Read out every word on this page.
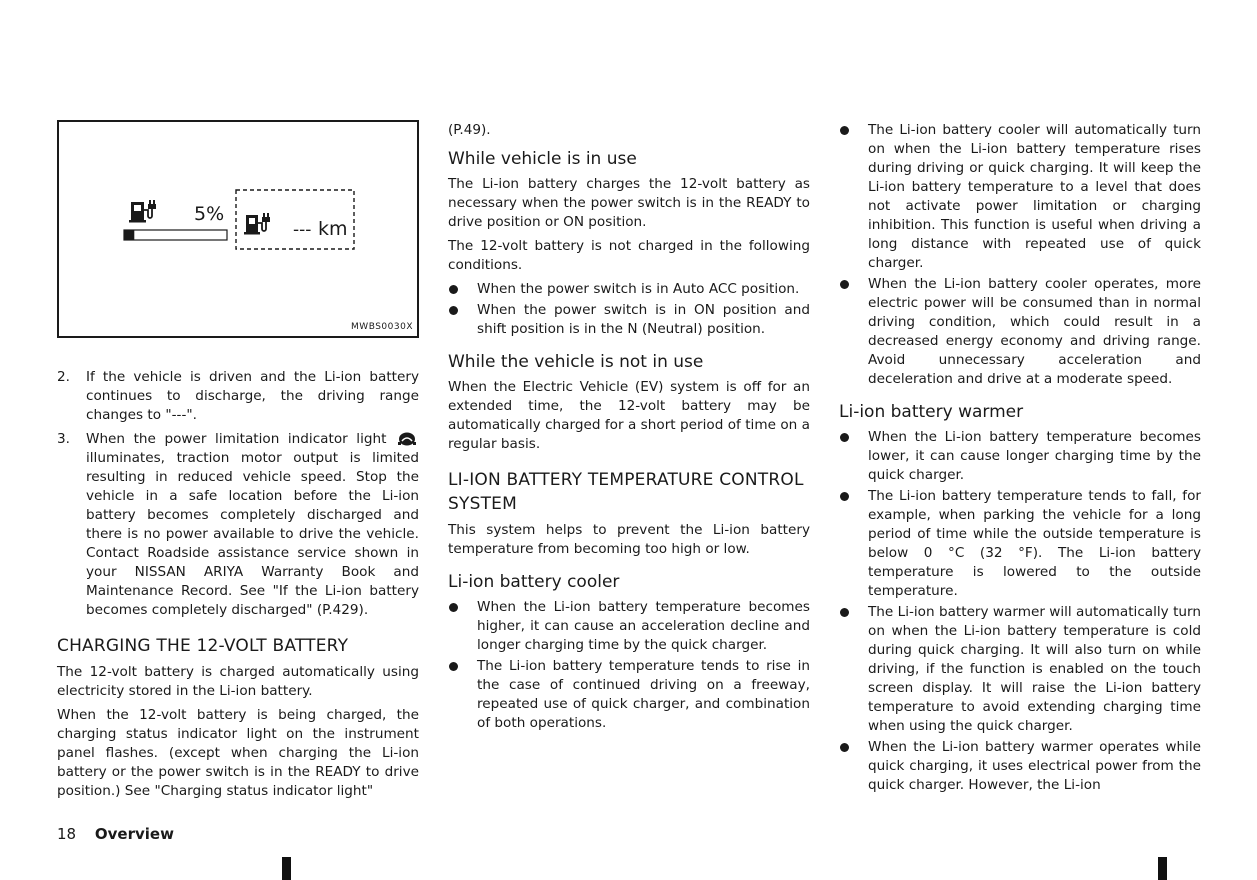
5%
--- km
MWBS0030X
2.	If the vehicle is driven and the Li-ion battery continues to discharge, the driving range changes to "---".
3.	When the power limitation indicator light  illuminates, traction motor output is limited resulting in reduced vehicle speed. Stop the vehicle in a safe location before the Li-ion battery becomes completely discharged and there is no power available to drive the vehicle. Contact Roadside assistance service shown in your NISSAN ARIYA Warranty Book and Maintenance Record. See "If the Li-ion battery becomes completely discharged" (P.429).
CHARGING THE 12-VOLT BATTERY

The 12-volt battery is charged automatically using electricity stored in the Li-ion battery.

When the 12-volt battery is being charged, the charging status indicator light on the instrument panel flashes. (except when charging the Li-ion battery or the power switch is in the READY to drive position.) See "Charging status indicator light"

(P.49).

While vehicle is in use

The Li-ion battery charges the 12-volt battery as necessary when the power switch is in the READY to drive position or ON position.

The 12-volt battery is not charged in the following conditions.

When the power switch is in Auto ACC position.
When the power switch is in ON position and shift position is in the N (Neutral) position.
While the vehicle is not in use

When the Electric Vehicle (EV) system is off for an extended time, the 12-volt battery may be automatically charged for a short period of time on a regular basis.

LI-ION BATTERY TEMPERATURE CONTROL SYSTEM

This system helps to prevent the Li-ion battery temperature from becoming too high or low.

Li-ion battery cooler
When the Li-ion battery temperature becomes higher, it can cause an acceleration decline and longer charging time by the quick charger.
The Li-ion battery temperature tends to rise in the case of continued driving on a freeway, repeated use of quick charger, and combination of both operations.
The Li-ion battery cooler will automatically turn on when the Li-ion battery temperature rises during driving or quick charging. It will keep the Li-ion battery temperature to a level that does not activate power limitation or charging inhibition. This function is useful when driving a long distance with repeated use of quick charger.
When the Li-ion battery cooler operates, more electric power will be consumed than in normal driving condition, which could result in a decreased energy economy and driving range. Avoid unnecessary acceleration and deceleration and drive at a moderate speed.
Li-ion battery warmer
When the Li-ion battery temperature becomes lower, it can cause longer charging time by the quick charger.
The Li-ion battery temperature tends to fall, for example, when parking the vehicle for a long period of time while the outside temperature is below 0 °C (32 °F). The Li-ion battery temperature is lowered to the outside temperature.
The Li-ion battery warmer will automatically turn on when the Li-ion battery temperature is cold during quick charging. It will also turn on while driving, if the function is enabled on the touch screen display. It will raise the Li-ion battery temperature to avoid extending charging time when using the quick charger.
When the Li-ion battery warmer operates while quick charging, it uses electrical power from the quick charger. However, the Li-ion
18 Overview
